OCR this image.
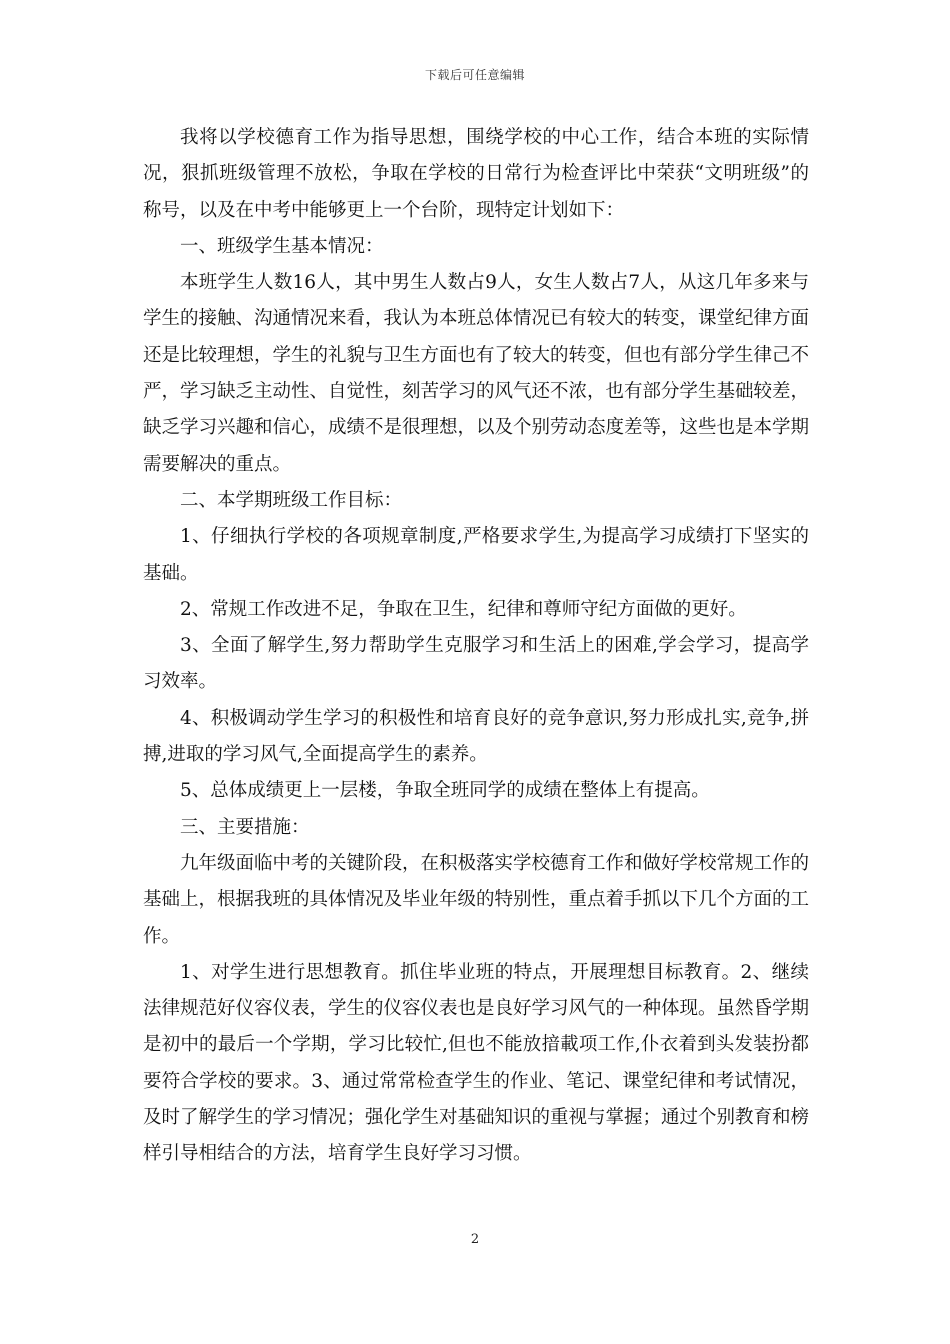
下载后可任意编辑

我将以学校德育工作为指导思想，围绕学校的中心工作，结合本班的实际情况，狠抓班级管理不放松，争取在学校的日常行为检查评比中荣获“文明班级”的称号，以及在中考中能够更上一个台阶，现特定计划如下：

一、班级学生基本情况：

本班学生人数16人，其中男生人数占9人，女生人数占7人，从这几年多来与学生的接触、沟通情况来看，我认为本班总体情况已有较大的转变，课堂纪律方面还是比较理想，学生的礼貌与卫生方面也有了较大的转变，但也有部分学生律己不严，学习缺乏主动性、自觉性，刻苦学习的风气还不浓，也有部分学生基础较差，缺乏学习兴趣和信心，成绩不是很理想，以及个别劳动态度差等，这些也是本学期需要解决的重点。

二、本学期班级工作目标：

1、仔细执行学校的各项规章制度,严格要求学生,为提高学习成绩打下坚实的基础。

2、常规工作改进不足，争取在卫生，纪律和尊师守纪方面做的更好。

3、全面了解学生,努力帮助学生克服学习和生活上的困难,学会学习，提高学习效率。

4、积极调动学生学习的积极性和培育良好的竞争意识,努力形成扎实,竞争,拼搏,进取的学习风气,全面提高学生的素养。

5、总体成绩更上一层楼，争取全班同学的成绩在整体上有提高。

三、主要措施：

九年级面临中考的关键阶段，在积极落实学校德育工作和做好学校常规工作的基础上，根据我班的具体情况及毕业年级的特别性，重点着手抓以下几个方面的工作。

1、对学生进行思想教育。抓住毕业班的特点，开展理想目标教育。2、继续法律规范好仪容仪表，学生的仪容仪表也是良好学习风气的一种体现。虽然昏学期是初中的最后一个学期，学习比较忙,但也不能放揞載项工作,仆衣着到头发装扮都要符合学校的要求。3、通过常常检查学生的作业、笔记、课堂纪律和考试情况，及时了解学生的学习情况；强化学生对基础知识的重视与掌握；通过个别教育和榜样引导相结合的方法，培育学生良好学习习惯。

2
